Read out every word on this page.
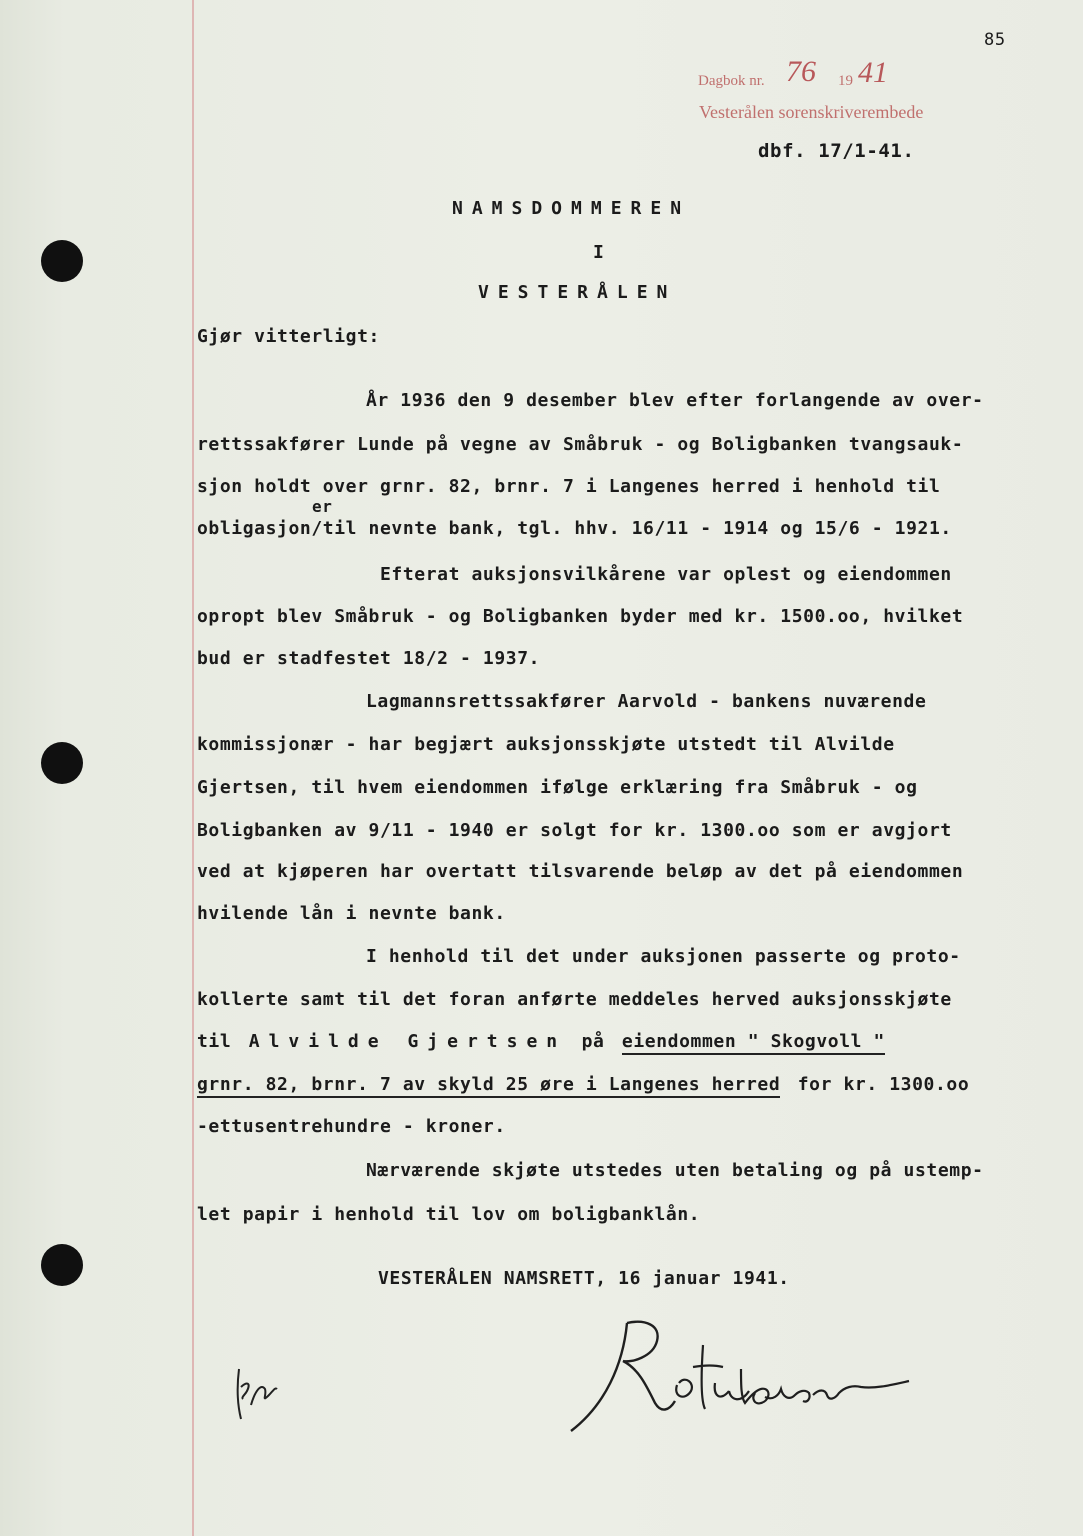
85
Dagbok nr. 76 19 41
Vesterålen sorenskriverembede
dbf. 17/1-41.
NAMSDOMMEREN
I
VESTERÅLEN
Gjør vitterligt:
År 1936 den 9 desember blev efter forlangende av over-
rettssakfører Lunde på vegne av Småbruk - og Boligbanken tvangsauk-
sjon holdt over grnr. 82, brnr. 7 i Langenes herred i henhold til
er
obligasjon/til nevnte bank, tgl. hhv. 16/11 - 1914 og 15/6 - 1921.
Efterat auksjonsvilkårene var oplest og eiendommen
opropt blev Småbruk - og Boligbanken byder med kr. 1500.oo, hvilket
bud er stadfestet 18/2 - 1937.
Lagmannsrettssakfører Aarvold - bankens nuværende
kommissjonær - har begjært auksjonsskjøte utstedt til Alvilde
Gjertsen, til hvem eiendommen ifølge erklæring fra Småbruk - og
Boligbanken av 9/11 - 1940 er solgt for kr. 1300.oo som er avgjort
ved at kjøperen har overtatt tilsvarende beløp av det på eiendommen
hvilende lån i nevnte bank.
I henhold til det under auksjonen passerte og proto-
kollerte samt til det foran anførte meddeles herved auksjonsskjøte
til Alvilde Gjertsen på eiendommen " Skogvoll "
grnr. 82, brnr. 7 av skyld 25 øre i Langenes herred for kr. 1300.oo
-ettusentrehundre - kroner.
Nærværende skjøte utstedes uten betaling og på ustemp-
let papir i henhold til lov om boligbanklån.
VESTERÅLEN NAMSRETT, 16 januar 1941.
